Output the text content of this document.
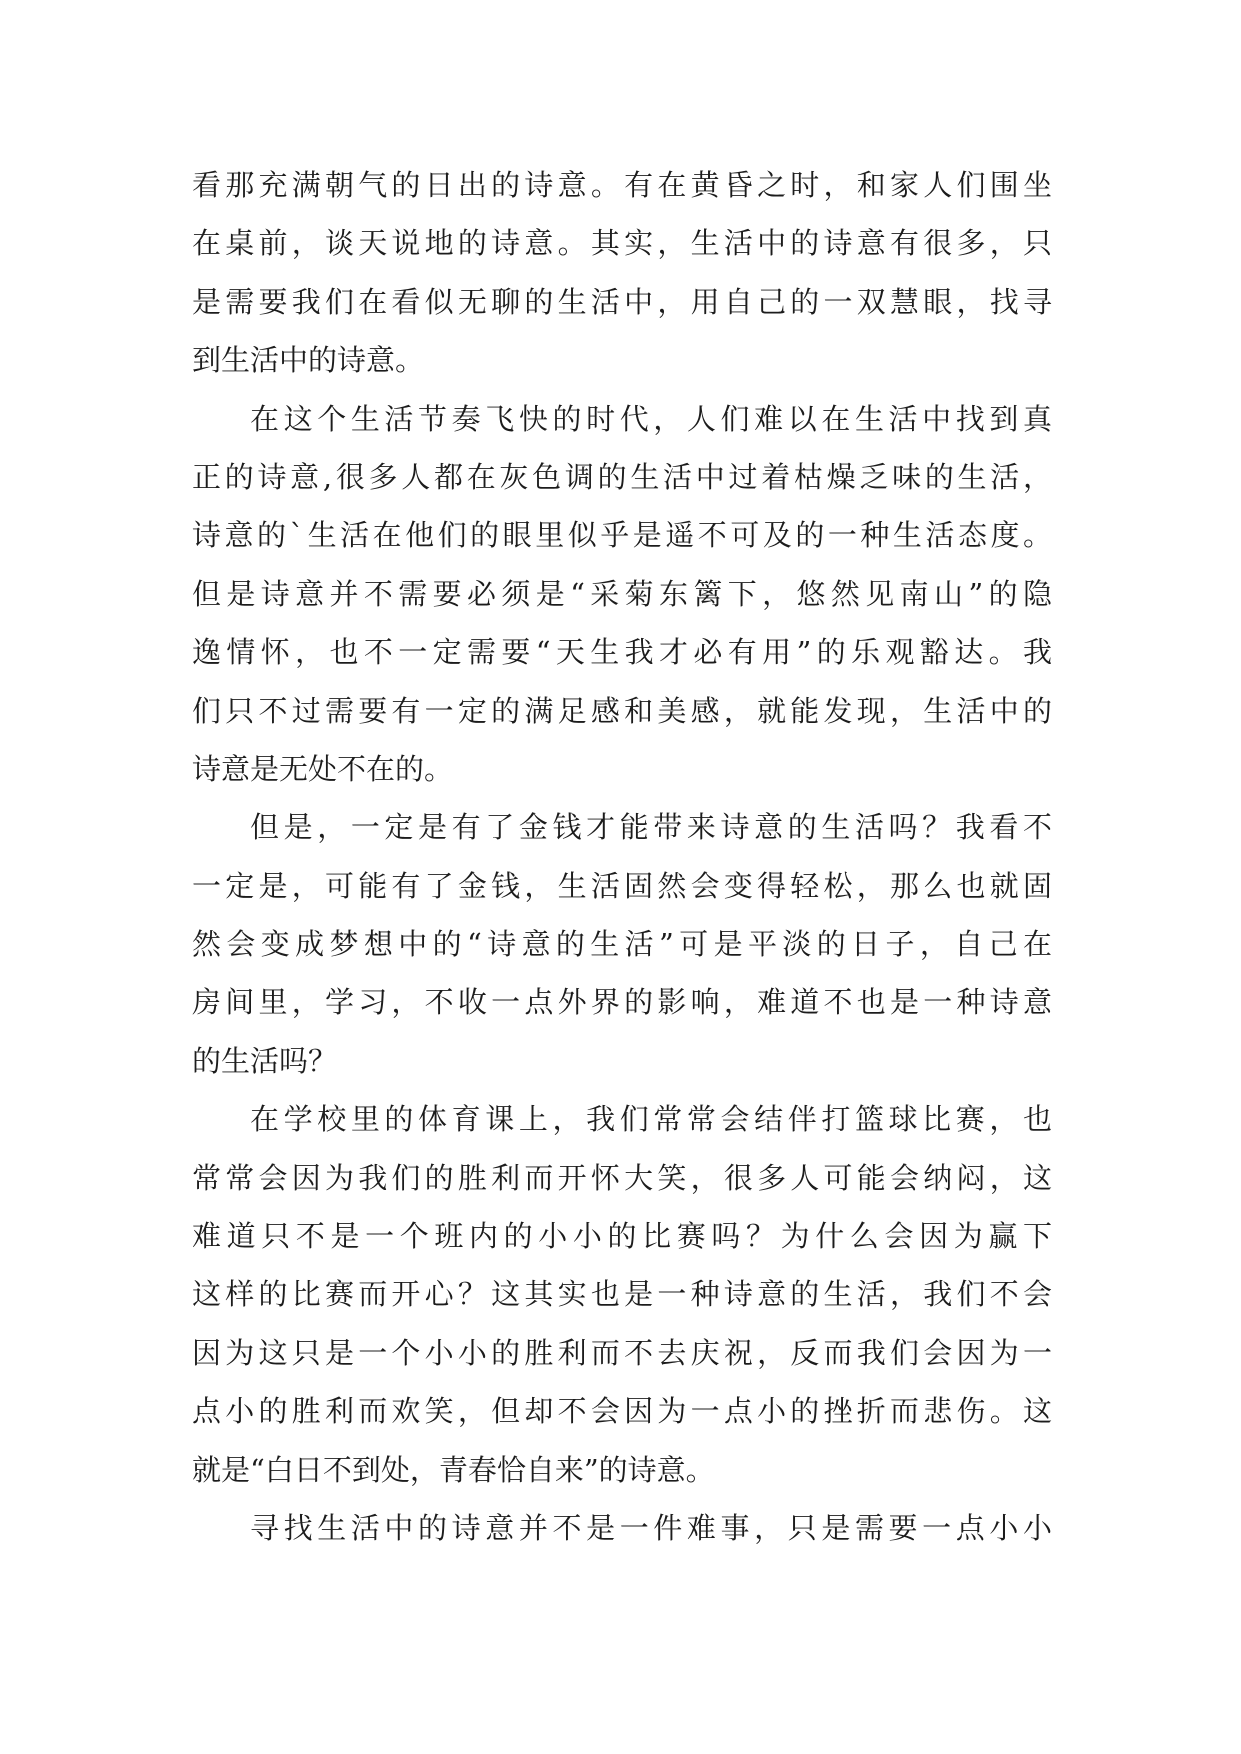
看那充满朝气的日出的诗意。有在黄昏之时，和家人们围坐
在桌前，谈天说地的诗意。其实，生活中的诗意有很多，只
是需要我们在看似无聊的生活中，用自己的一双慧眼，找寻
到生活中的诗意。
在这个生活节奏飞快的时代，人们难以在生活中找到真
正的诗意,很多人都在灰色调的生活中过着枯燥乏味的生活，
诗意的`生活在他们的眼里似乎是遥不可及的一种生活态度。
但是诗意并不需要必须是“采菊东篱下，悠然见南山”的隐
逸情怀，也不一定需要“天生我才必有用”的乐观豁达。我
们只不过需要有一定的满足感和美感，就能发现，生活中的
诗意是无处不在的。
但是，一定是有了金钱才能带来诗意的生活吗？我看不
一定是，可能有了金钱，生活固然会变得轻松，那么也就固
然会变成梦想中的“诗意的生活”可是平淡的日子，自己在
房间里，学习，不收一点外界的影响，难道不也是一种诗意
的生活吗？
在学校里的体育课上，我们常常会结伴打篮球比赛，也
常常会因为我们的胜利而开怀大笑，很多人可能会纳闷，这
难道只不是一个班内的小小的比赛吗？为什么会因为赢下
这样的比赛而开心？这其实也是一种诗意的生活，我们不会
因为这只是一个小小的胜利而不去庆祝，反而我们会因为一
点小的胜利而欢笑，但却不会因为一点小的挫折而悲伤。这
就是“白日不到处，青春恰自来”的诗意。
寻找生活中的诗意并不是一件难事，只是需要一点小小
